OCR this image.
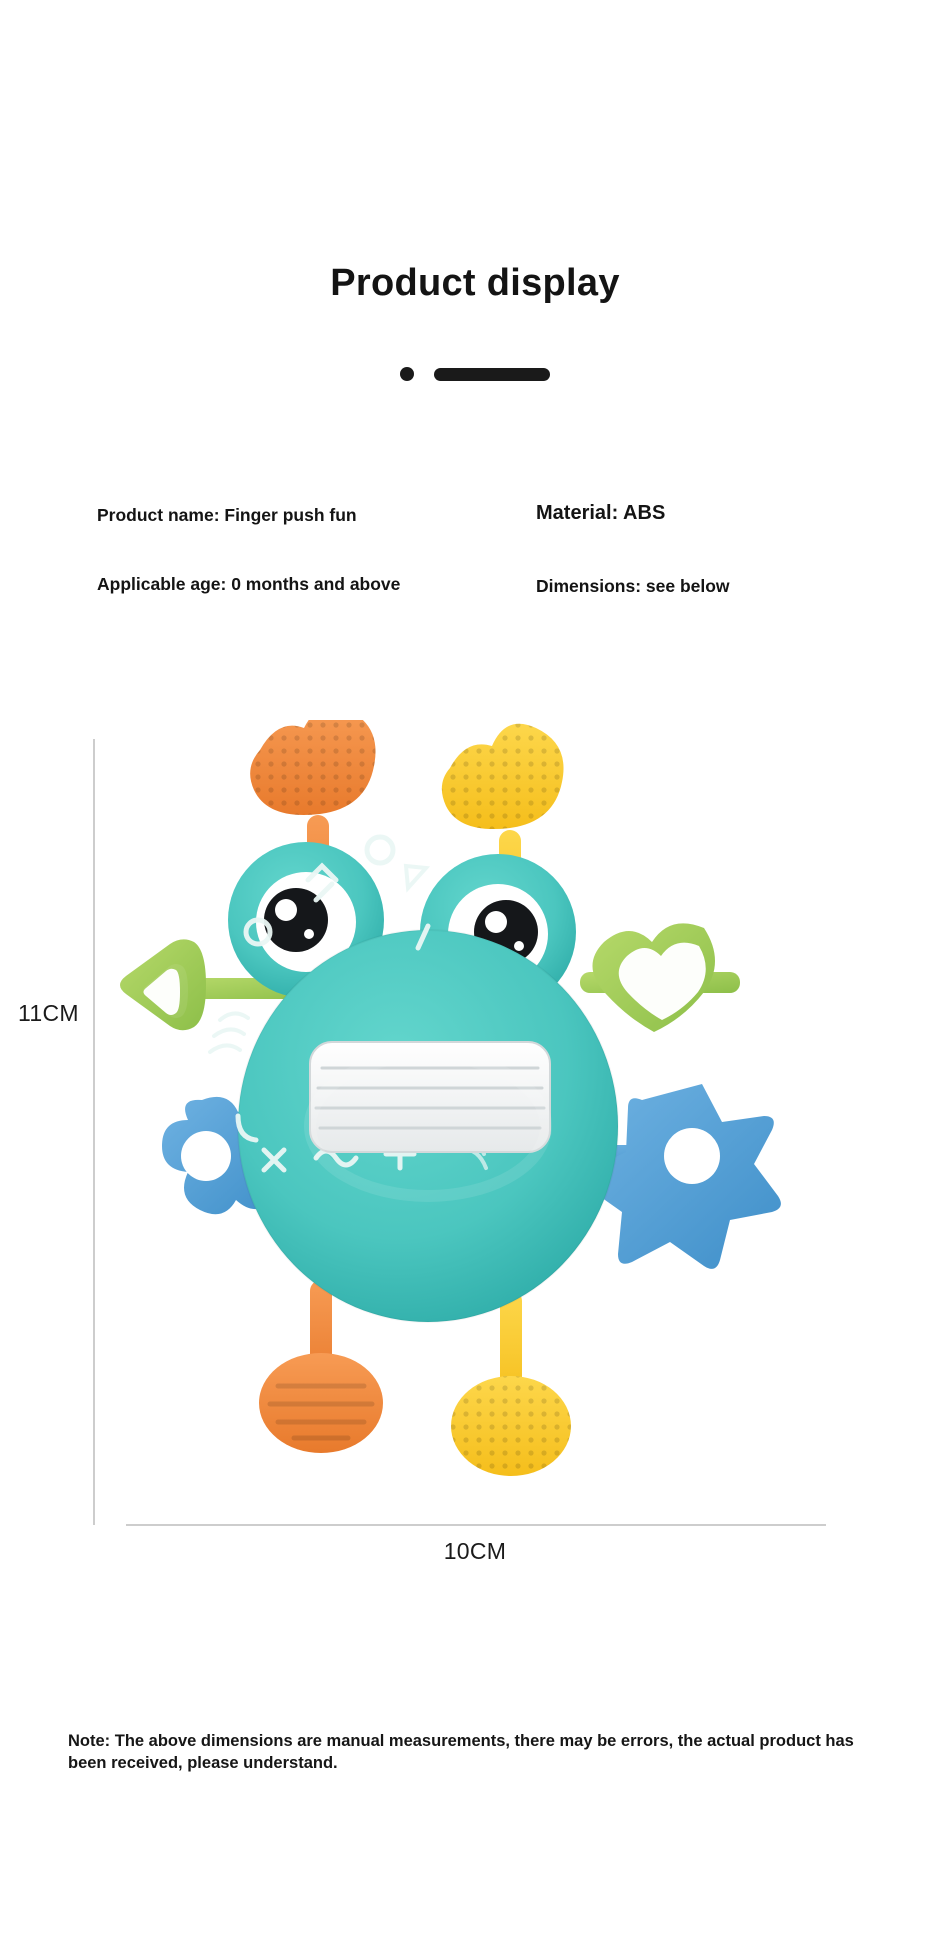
Product display
Product name: Finger push fun	Material: ABS
Applicable age: 0 months and above	Dimensions: see below
11CM
10CM
Note: The above dimensions are manual measurements, there may be errors, the actual product has been received, please understand.
